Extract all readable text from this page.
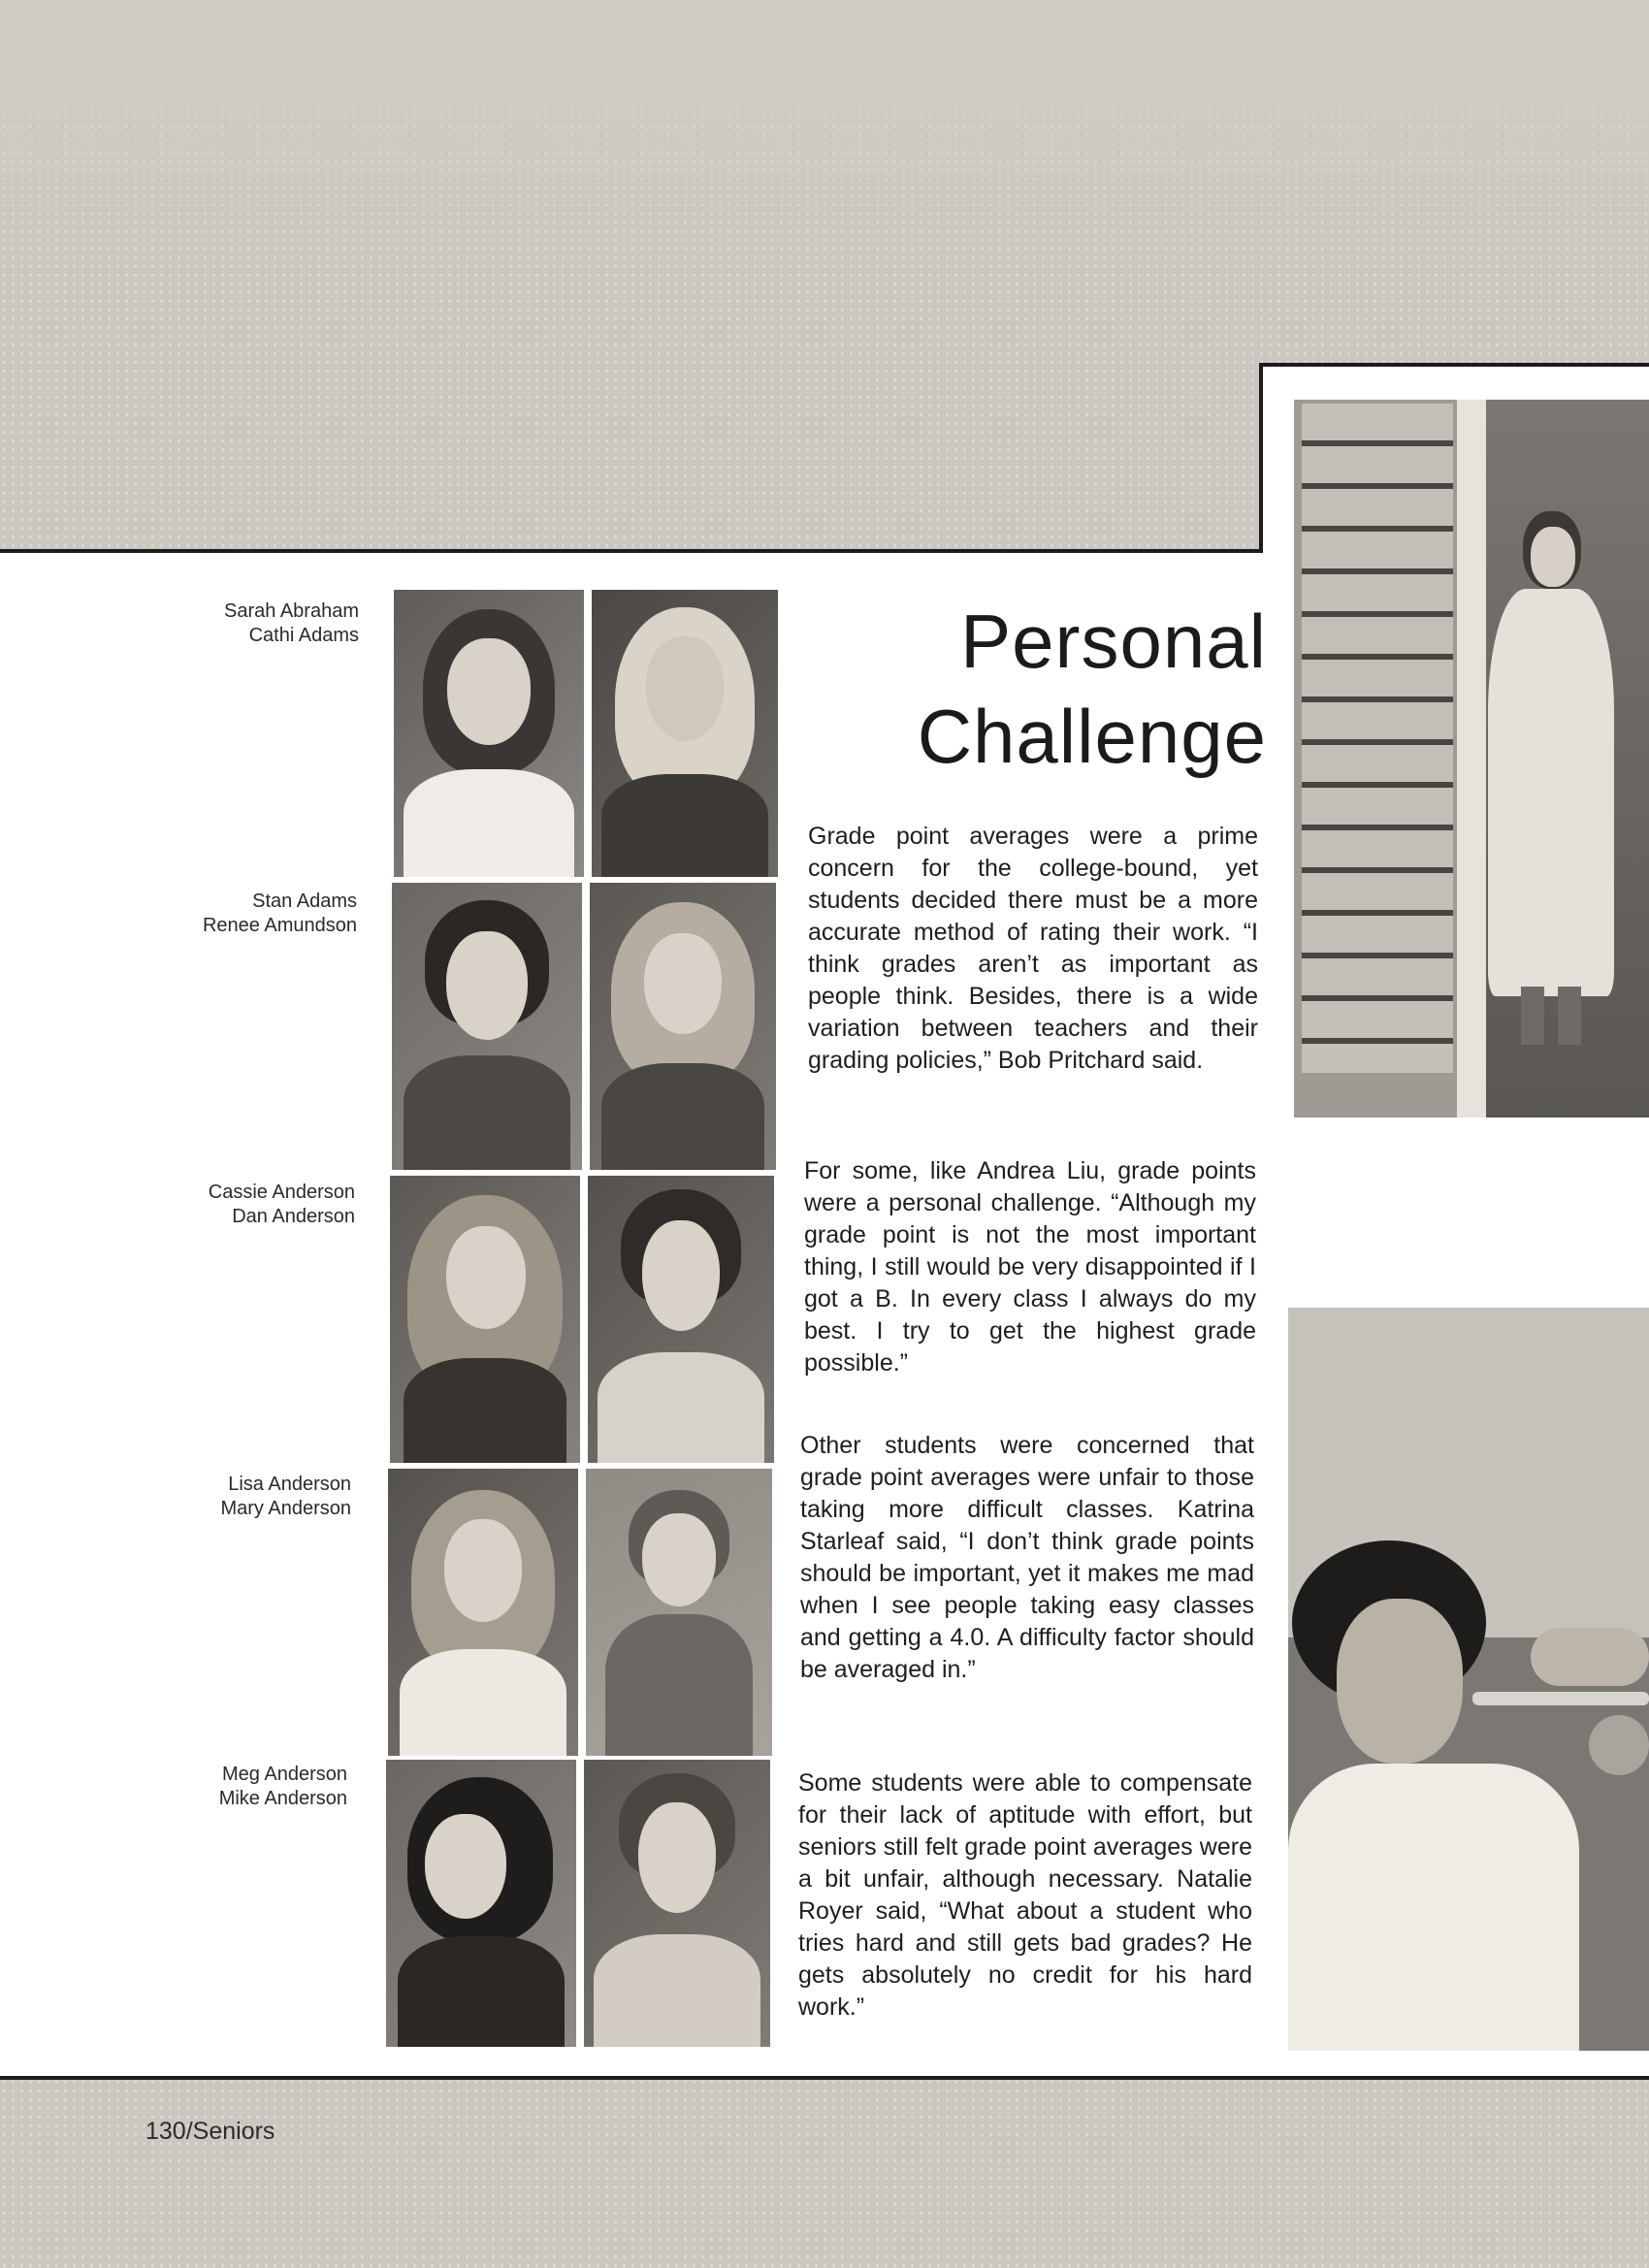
Sarah Abraham
Cathi Adams
Stan Adams
Renee Amundson
Cassie Anderson
Dan Anderson
Lisa Anderson
Mary Anderson
Meg Anderson
Mike Anderson
Personal
Challenge
Grade point averages were a prime concern for the college-bound, yet students decided there must be a more accurate method of rating their work. “I think grades aren’t as important as people think. Besides, there is a wide variation between teachers and their grading policies,” Bob Pritchard said.
For some, like Andrea Liu, grade points were a personal challenge. “Although my grade point is not the most important thing, I still would be very disappointed if I got a B. In every class I always do my best. I try to get the highest grade possible.”
Other students were concerned that grade point averages were unfair to those taking more difficult classes. Katrina Starleaf said, “I don’t think grade points should be important, yet it makes me mad when I see people taking easy classes and getting a 4.0. A difficulty factor should be averaged in.”
Some students were able to compensate for their lack of aptitude with effort, but seniors still felt grade point averages were a bit unfair, although necessary. Natalie Royer said, “What about a student who tries hard and still gets bad grades? He gets absolutely no credit for his hard work.”
130/Seniors
